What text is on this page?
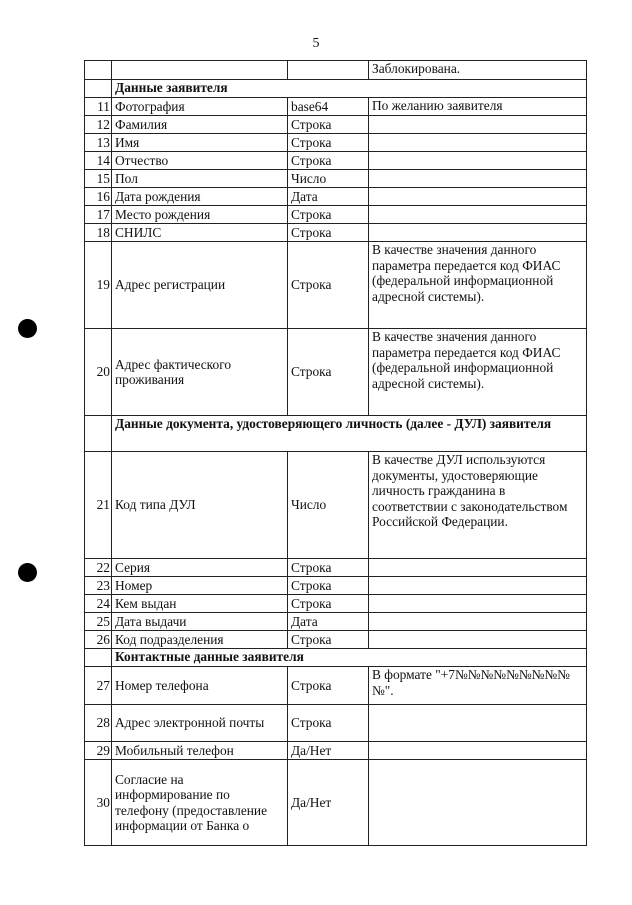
5
			Заблокирована.
	Данные заявителя		
11	Фотография	base64	По желанию заявителя
12	Фамилия	Строка	
13	Имя	Строка	
14	Отчество	Строка	
15	Пол	Число	
16	Дата рождения	Дата	
17	Место рождения	Строка	
18	СНИЛС	Строка	
19	Адрес регистрации	Строка	В качестве значения данного параметра передается код ФИАС (федеральной информационной адресной системы).
20	Адрес фактического проживания	Строка	В качестве значения данного параметра передается код ФИАС (федеральной информационной адресной системы).
	Данные документа, удостоверяющего личность (далее - ДУЛ) заявителя		
21	Код типа ДУЛ	Число	В качестве ДУЛ используются документы, удостоверяющие личность гражданина в соответствии с законодательством Российской Федерации.
22	Серия	Строка	
23	Номер	Строка	
24	Кем выдан	Строка	
25	Дата выдачи	Дата	
26	Код подразделения	Строка	
	Контактные данные заявителя		
27	Номер телефона	Строка	В формате "+7№№№№№№№№№№".
28	Адрес электронной почты	Строка	
29	Мобильный телефон	Да/Нет	
30	Согласие на информирование по телефону (предоставление информации от Банка о	Да/Нет	
